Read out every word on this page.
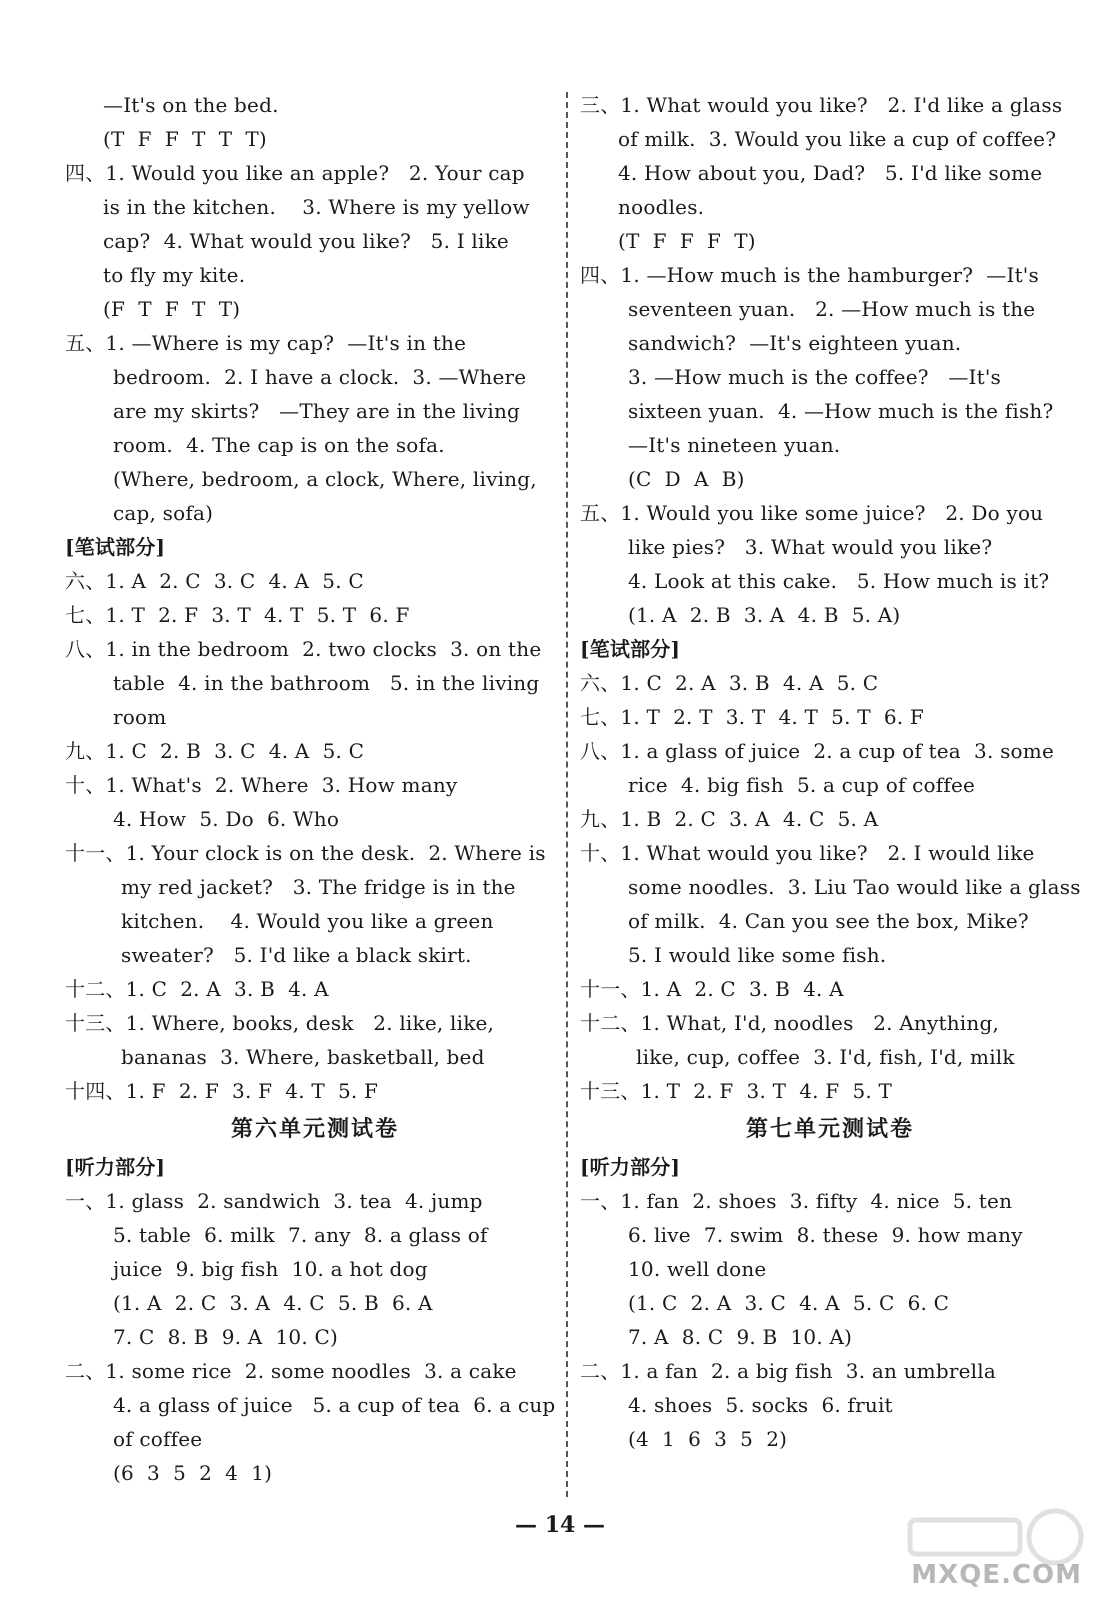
—It's on the bed.
(T  F  F  T  T  T)
四、1. Would you like an apple?   2. Your cap
is in the kitchen.    3. Where is my yellow
cap?  4. What would you like?   5. I like
to fly my kite.
(F  T  F  T  T)
五、1. —Where is my cap?  —It's in the
bedroom.  2. I have a clock.  3. —Where
are my skirts?   —They are in the living
room.  4. The cap is on the sofa.
(Where, bedroom, a clock, Where, living,
cap, sofa)
[笔试部分]
六、1. A  2. C  3. C  4. A  5. C
七、1. T  2. F  3. T  4. T  5. T  6. F
八、1. in the bedroom  2. two clocks  3. on the
table  4. in the bathroom   5. in the living
room
九、1. C  2. B  3. C  4. A  5. C
十、1. What's  2. Where  3. How many
4. How  5. Do  6. Who
十一、1. Your clock is on the desk.  2. Where is
my red jacket?   3. The fridge is in the
kitchen.    4. Would you like a green
sweater?   5. I'd like a black skirt.
十二、1. C  2. A  3. B  4. A
十三、1. Where, books, desk   2. like, like,
bananas  3. Where, basketball, bed
十四、1. F  2. F  3. F  4. T  5. F
第六单元测试卷
[听力部分]
一、1. glass  2. sandwich  3. tea  4. jump
5. table  6. milk  7. any  8. a glass of
juice  9. big fish  10. a hot dog
(1. A  2. C  3. A  4. C  5. B  6. A
7. C  8. B  9. A  10. C)
二、1. some rice  2. some noodles  3. a cake
4. a glass of juice   5. a cup of tea  6. a cup
of coffee
(6  3  5  2  4  1)
三、1. What would you like?   2. I'd like a glass
of milk.  3. Would you like a cup of coffee?
4. How about you, Dad?   5. I'd like some
noodles.
(T  F  F  F  T)
四、1. —How much is the hamburger?  —It's
seventeen yuan.   2. —How much is the
sandwich?  —It's eighteen yuan.
3. —How much is the coffee?   —It's
sixteen yuan.  4. —How much is the fish?
—It's nineteen yuan.
(C  D  A  B)
五、1. Would you like some juice?   2. Do you
like pies?   3. What would you like?
4. Look at this cake.   5. How much is it?
(1. A  2. B  3. A  4. B  5. A)
[笔试部分]
六、1. C  2. A  3. B  4. A  5. C
七、1. T  2. T  3. T  4. T  5. T  6. F
八、1. a glass of juice  2. a cup of tea  3. some
rice  4. big fish  5. a cup of coffee
九、1. B  2. C  3. A  4. C  5. A
十、1. What would you like?   2. I would like
some noodles.  3. Liu Tao would like a glass
of milk.  4. Can you see the box, Mike?
5. I would like some fish.
十一、1. A  2. C  3. B  4. A
十二、1. What, I'd, noodles   2. Anything,
like, cup, coffee  3. I'd, fish, I'd, milk
十三、1. T  2. F  3. T  4. F  5. T
第七单元测试卷
[听力部分]
一、1. fan  2. shoes  3. fifty  4. nice  5. ten
6. live  7. swim  8. these  9. how many
10. well done
(1. C  2. A  3. C  4. A  5. C  6. C
7. A  8. C  9. B  10. A)
二、1. a fan  2. a big fish  3. an umbrella
4. shoes  5. socks  6. fruit
(4  1  6  3  5  2)
— 14 —
MXQE.COM
